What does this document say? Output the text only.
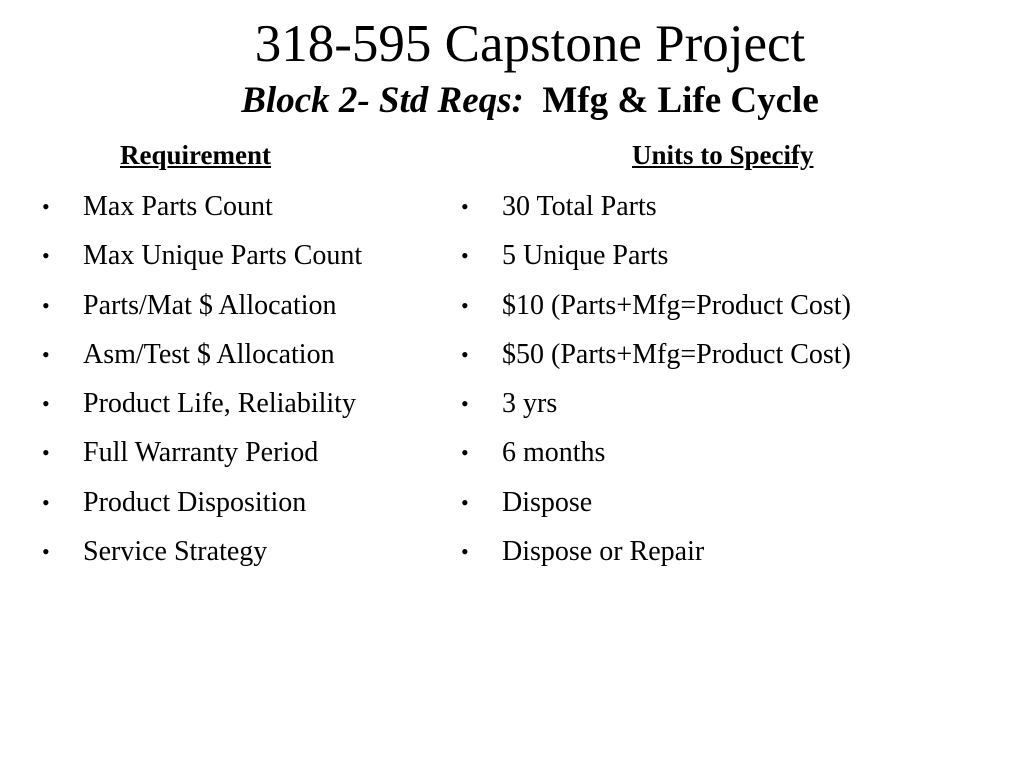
318-595 Capstone Project
Block 2- Std Reqs:  Mfg & Life Cycle
Requirement	Units to Specify
• Max Parts Count
• Max Unique Parts Count
• Parts/Mat $ Allocation
• Asm/Test $ Allocation
• Product Life, Reliability
• Full Warranty Period
• Product Disposition
• Service Strategy
• 30 Total Parts
• 5 Unique Parts
• $10 (Parts+Mfg=Product Cost)
• $50 (Parts+Mfg=Product Cost)
• 3 yrs
• 6 months
• Dispose
• Dispose or Repair
